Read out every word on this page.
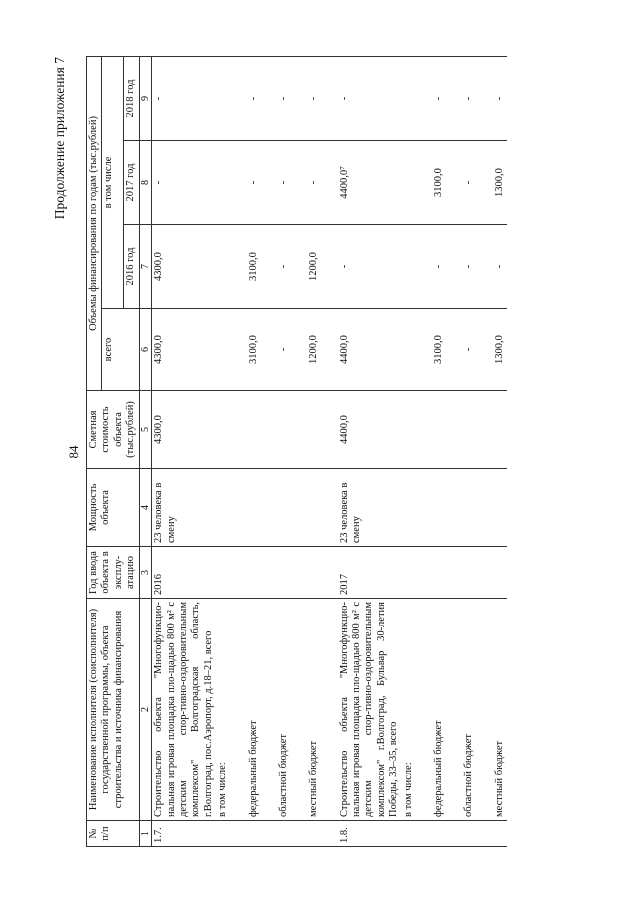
84
Продолжение приложения 7
№ п/п	Наименование исполнителя (соисполнителя) государственной программы, объекта строительства и источника финансирования	Год ввода объекта в эксплу-атацию	Мощность объекта	Сметная стоимость объекта (тыс.рублей)	Объемы финансирования по годам (тыс.рублей)			
					всего	в том числе		
						2016 год	2017 год	2018 год
1	2	3	4	5	6	7	8	9
1.7.	Строительство объекта "Многофункцио-нальная игровая площадка пло-щадью 800 м² с детским спор-тивно-оздоровительным комплексом" Волгоградская область, г.Волгоград, пос.Аэропорт, д.18–21, всего	2016	23 человека в смену	4300,0	4300,0	4300,0	-	-
	в том числе:							

	федеральный бюджет				3100,0	3100,0	-	-

	областной бюджет				-	-	-	-

	местный бюджет				1200,0	1200,0	-	-

1.8.	Строительство объекта "Многофункцио-нальная игровая площадка пло-щадью 800 м² с детским спор-тивно-оздоровительным комплексом" г.Волгоград, Бульвар 30-летия Победы, 33–35, всего	2017	23 человека в смену	4400,0	4400,0	-	4400,0⁷	-
	в том числе:							

	федеральный бюджет				3100,0	-	3100,0	-

	областной бюджет				-	-	-	-

	местный бюджет				1300,0	-	1300,0	-
